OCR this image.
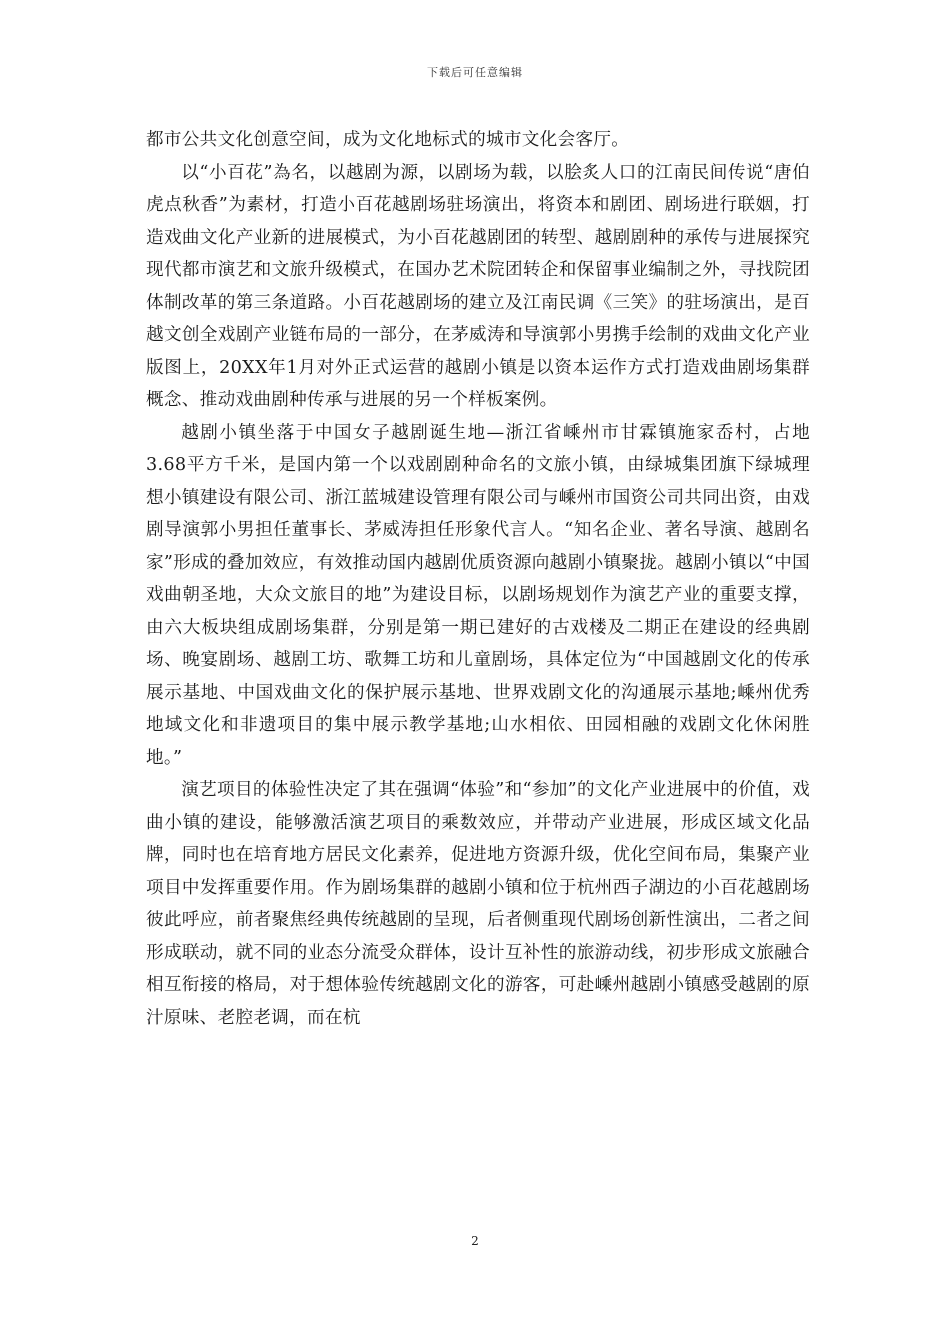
下载后可任意编辑

都市公共文化创意空间，成为文化地标式的城市文化会客厅。

以“小百花”為名，以越剧为源，以剧场为载，以脍炙人口的江南民间传说“唐伯虎点秋香”为素材，打造小百花越剧场驻场演出，将资本和剧团、剧场进行联姻，打造戏曲文化产业新的进展模式，为小百花越剧团的转型、越剧剧种的承传与进展探究现代都市演艺和文旅升级模式，在国办艺术院团转企和保留事业编制之外，寻找院团体制改革的第三条道路。小百花越剧场的建立及江南民调《三笑》的驻场演出，是百越文创全戏剧产业链布局的一部分，在茅威涛和导演郭小男携手绘制的戏曲文化产业版图上，20XX年1月对外正式运营的越剧小镇是以资本运作方式打造戏曲剧场集群概念、推动戏曲剧种传承与进展的另一个样板案例。

越剧小镇坐落于中国女子越剧诞生地—浙江省嵊州市甘霖镇施家岙村，占地3.68平方千米，是国内第一个以戏剧剧种命名的文旅小镇，由绿城集团旗下绿城理想小镇建设有限公司、浙江蓝城建设管理有限公司与嵊州市国资公司共同出资，由戏剧导演郭小男担任董事长、茅威涛担任形象代言人。“知名企业、著名导演、越剧名家”形成的叠加效应，有效推动国内越剧优质资源向越剧小镇聚拢。越剧小镇以“中国戏曲朝圣地，大众文旅目的地”为建设目标，以剧场规划作为演艺产业的重要支撑，由六大板块组成剧场集群，分别是第一期已建好的古戏楼及二期正在建设的经典剧场、晚宴剧场、越剧工坊、歌舞工坊和儿童剧场，具体定位为“中国越剧文化的传承展示基地、中国戏曲文化的保护展示基地、世界戏剧文化的沟通展示基地;嵊州优秀地域文化和非遗项目的集中展示教学基地;山水相依、田园相融的戏剧文化休闲胜地。”

演艺项目的体验性决定了其在强调“体验”和“参加”的文化产业进展中的价值，戏曲小镇的建设，能够激活演艺项目的乘数效应，并带动产业进展，形成区域文化品牌，同时也在培育地方居民文化素养，促进地方资源升级，优化空间布局，集聚产业项目中发挥重要作用。作为剧场集群的越剧小镇和位于杭州西子湖边的小百花越剧场彼此呼应，前者聚焦经典传统越剧的呈现，后者侧重现代剧场创新性演出，二者之间形成联动，就不同的业态分流受众群体，设计互补性的旅游动线，初步形成文旅融合相互衔接的格局，对于想体验传统越剧文化的游客，可赴嵊州越剧小镇感受越剧的原汁原味、老腔老调，而在杭

2
